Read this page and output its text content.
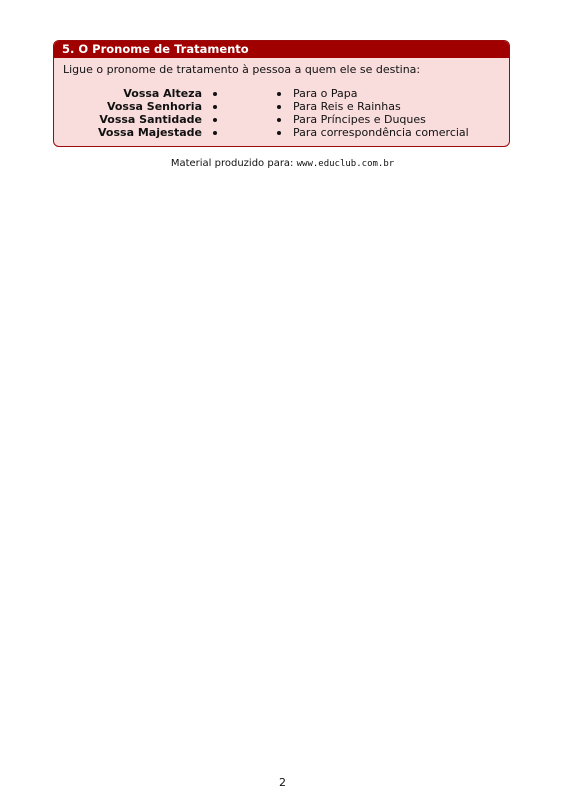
5. O Pronome de Tratamento
Ligue o pronome de tratamento à pessoa a quem ele se destina:
Vossa Alteza
Vossa Senhoria
Vossa Santidade
Vossa Majestade
Para o Papa
Para Reis e Rainhas
Para Príncipes e Duques
Para correspondência comercial
Material produzido para: www.educlub.com.br
2
